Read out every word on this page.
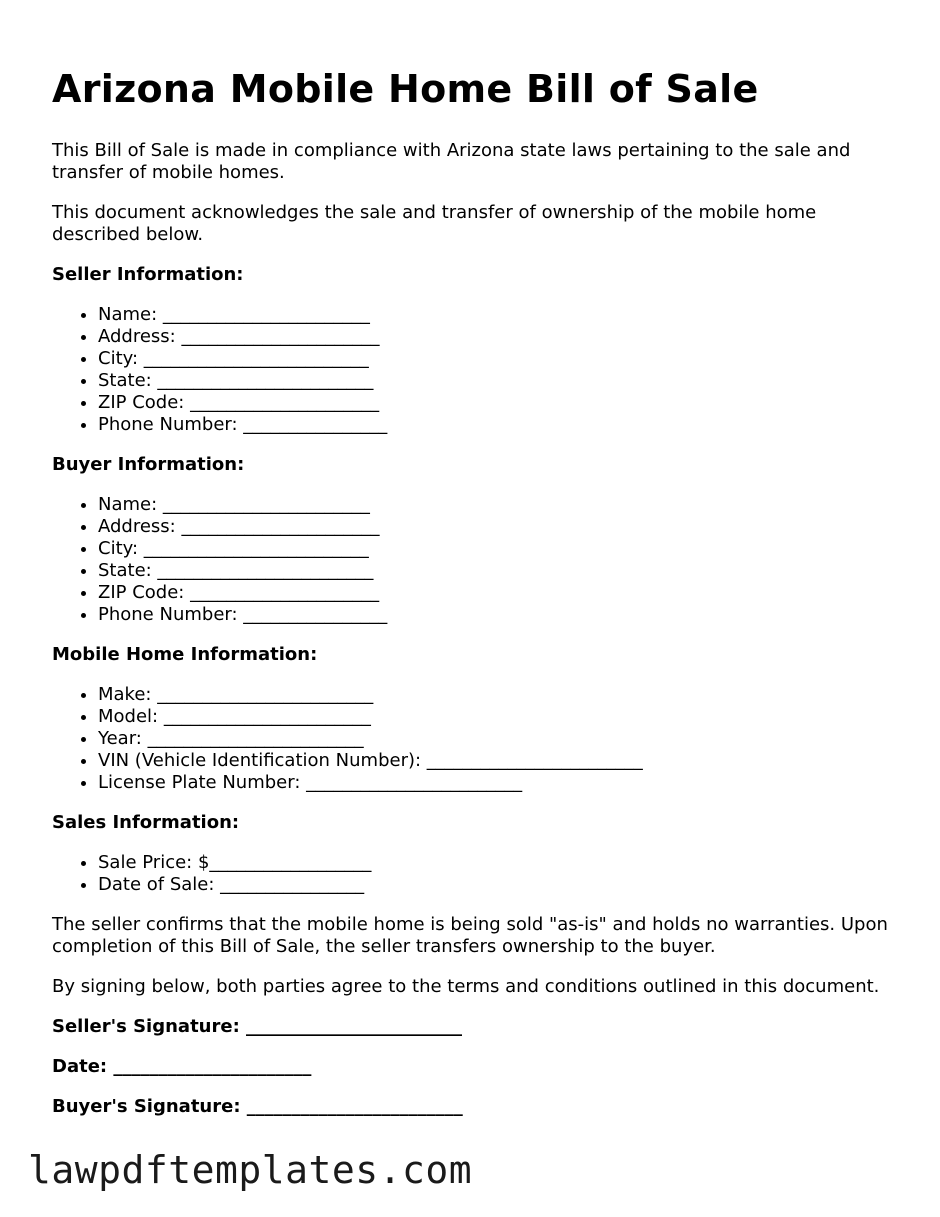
Arizona Mobile Home Bill of Sale

This Bill of Sale is made in compliance with Arizona state laws pertaining to the sale and transfer of mobile homes.

This document acknowledges the sale and transfer of ownership of the mobile home described below.

Seller Information:
• Name: _______________________
• Address: ______________________
• City: _________________________
• State: ________________________
• ZIP Code: _____________________
• Phone Number: ________________
Buyer Information:
• Name: _______________________
• Address: ______________________
• City: _________________________
• State: ________________________
• ZIP Code: _____________________
• Phone Number: ________________
Mobile Home Information:
• Make: ________________________
• Model: _______________________
• Year: ________________________
• VIN (Vehicle Identification Number): ________________________
• License Plate Number: ________________________
Sales Information:
• Sale Price: $__________________
• Date of Sale: ________________

The seller confirms that the mobile home is being sold "as-is" and holds no warranties. Upon completion of this Bill of Sale, the seller transfers ownership to the buyer.

By signing below, both parties agree to the terms and conditions outlined in this document.

Seller's Signature: ________________________
Date: ______________________
Buyer's Signature: ________________________
lawpdftemplates.com
